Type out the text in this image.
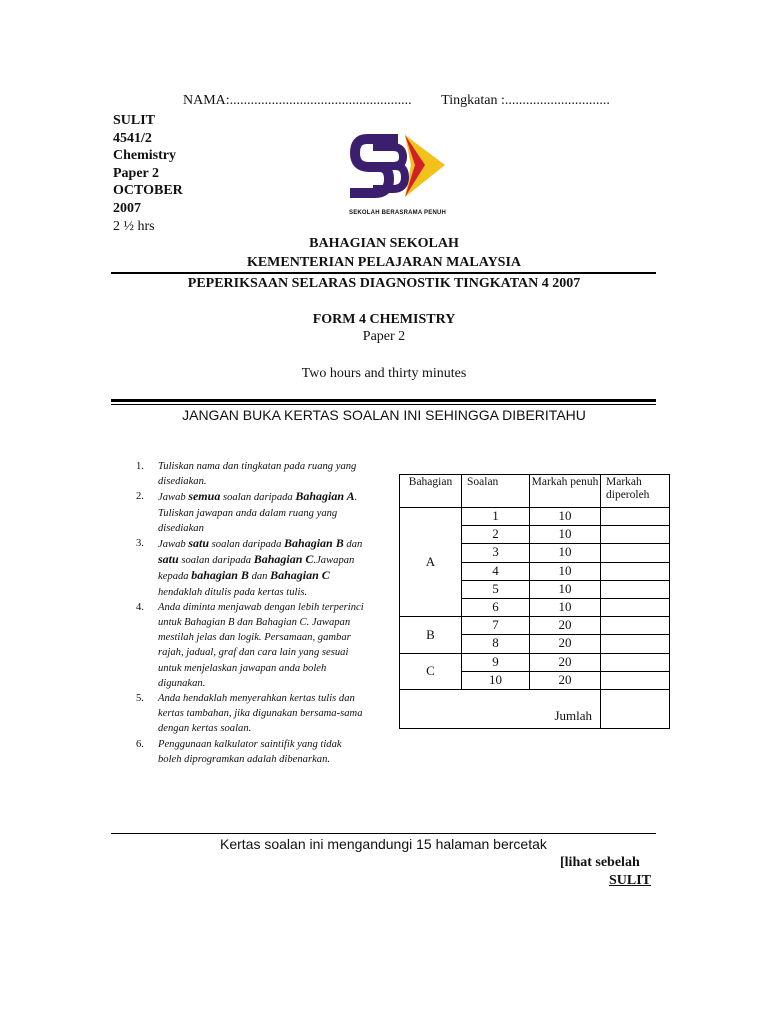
NAMA:.................................................... Tingkatan :..............................
SULIT
4541/2
Chemistry
Paper 2
OCTOBER
2007
2 ½ hrs
SEKOLAH BERASRAMA PENUH
BAHAGIAN SEKOLAH
KEMENTERIAN PELAJARAN MALAYSIA
PEPERIKSAAN SELARAS DIAGNOSTIK TINGKATAN 4 2007
FORM 4 CHEMISTRY
Paper 2
Two hours and thirty minutes
JANGAN BUKA KERTAS SOALAN INI SEHINGGA DIBERITAHU
1. Tuliskan nama dan tingkatan pada ruang yang disediakan.
2. Jawab semua soalan daripada Bahagian A. Tuliskan jawapan anda dalam ruang yang disediakan
3. Jawab satu soalan daripada Bahagian B dan satu soalan daripada Bahagian C.Jawapan kepada bahagian B dan Bahagian C hendaklah ditulis pada kertas tulis.
4. Anda diminta menjawab dengan lebih terperinci untuk Bahagian B dan Bahagian C. Jawapan mestilah jelas dan logik. Persamaan, gambar rajah, jadual, graf dan cara lain yang sesuai untuk menjelaskan jawapan anda boleh digunakan.
5. Anda hendaklah menyerahkan kertas tulis dan kertas tambahan, jika digunakan bersama-sama dengan kertas soalan.
6. Penggunaan kalkulator saintifik yang tidak boleh diprogramkan adalah dibenarkan.
Bahagian	Soalan	Markah penuh	Markah diperoleh
A	1	10	
	2	10	
	3	10	
	4	10	
	5	10	
	6	10	
B	7	20	
	8	20	
C	9	20	
	10	20	
Jumlah			
Kertas soalan ini mengandungi 15 halaman bercetak
[lihat sebelah
SULIT
